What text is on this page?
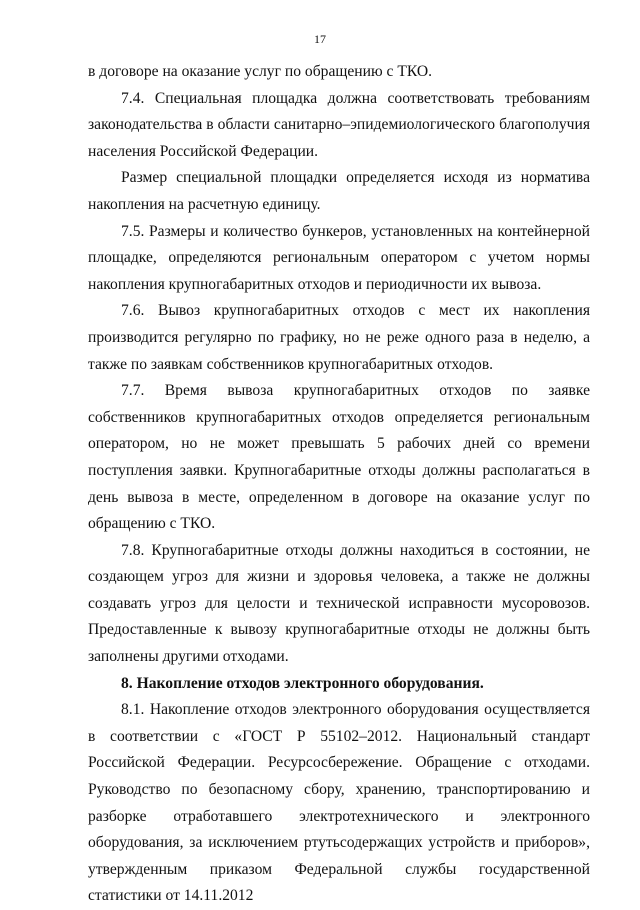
17

в договоре на оказание услуг по обращению с ТКО.

7.4. Специальная площадка должна соответствовать требованиям законодательства в области санитарно–эпидемиологического благополучия населения Российской Федерации.

Размер специальной площадки определяется исходя из норматива накопления на расчетную единицу.

7.5. Размеры и количество бункеров, установленных на контейнерной площадке, определяются региональным оператором с учетом нормы накопления крупногабаритных отходов и периодичности их вывоза.

7.6. Вывоз крупногабаритных отходов с мест их накопления производится регулярно по графику, но не реже одного раза в неделю, а также по заявкам собственников крупногабаритных отходов.

7.7. Время вывоза крупногабаритных отходов по заявке собственников крупногабаритных отходов определяется региональным оператором, но не может превышать 5 рабочих дней со времени поступления заявки. Крупногабаритные отходы должны располагаться в день вывоза в месте, определенном в договоре на оказание услуг по обращению с ТКО.

7.8. Крупногабаритные отходы должны находиться в состоянии, не создающем угроз для жизни и здоровья человека, а также не должны создавать угроз для целости и технической исправности мусоровозов. Предоставленные к вывозу крупногабаритные отходы не должны быть заполнены другими отходами.

8. Накопление отходов электронного оборудования.

8.1. Накопление отходов электронного оборудования осуществляется в соответствии с «ГОСТ Р 55102–2012. Национальный стандарт Российской Федерации. Ресурсосбережение. Обращение с отходами. Руководство по безопасному сбору, хранению, транспортированию и разборке отработавшего электротехнического и электронного оборудования, за исключением ртутьсодержащих устройств и приборов», утвержденным приказом Федеральной службы государственной статистики от 14.11.2012
